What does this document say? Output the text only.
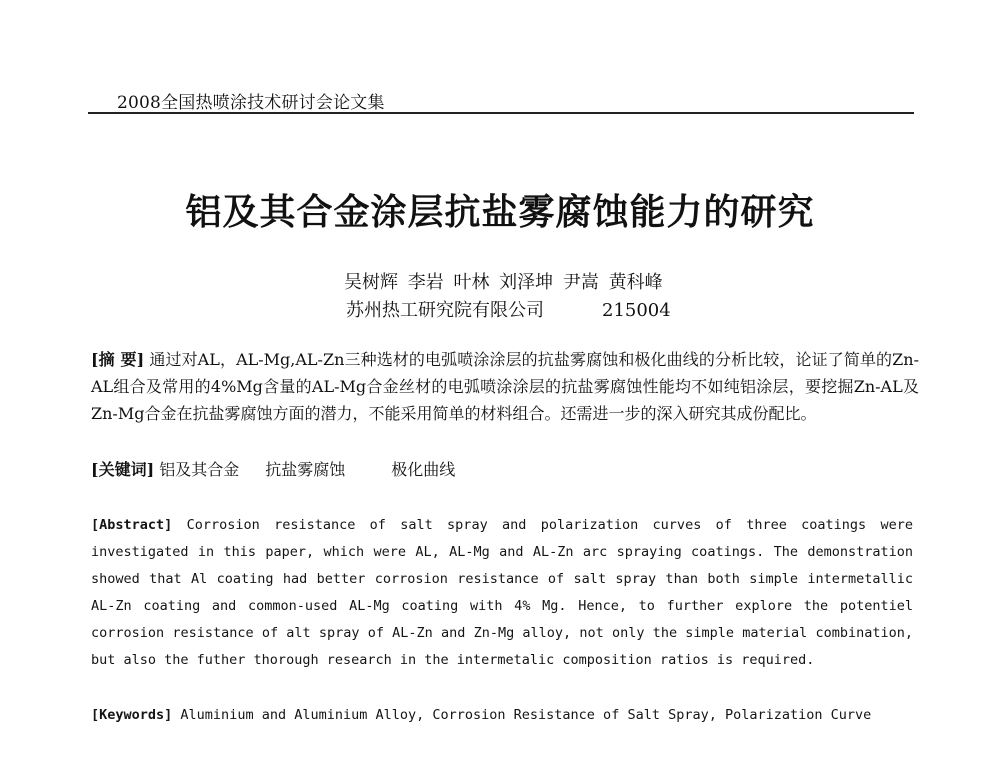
2008全国热喷涂技术研讨会论文集
铝及其合金涂层抗盐雾腐蚀能力的研究
吴树辉 李岩 叶林 刘泽坤 尹嵩 黄科峰
苏州热工研究院有限公司	215004
[摘 要] 通过对AL，AL-Mg,AL-Zn三种选材的电弧喷涂涂层的抗盐雾腐蚀和极化曲线的分析比较，论证了简单的Zn-AL组合及常用的4%Mg含量的AL-Mg合金丝材的电弧喷涂涂层的抗盐雾腐蚀性能均不如纯铝涂层，要挖掘Zn-AL及Zn-Mg合金在抗盐雾腐蚀方面的潜力，不能采用简单的材料组合。还需进一步的深入研究其成份配比。
[关键词] 铝及其合金 抗盐雾腐蚀	极化曲线
[Abstract] Corrosion resistance of salt spray and polarization curves of three coatings were investigated in this paper, which were AL, AL-Mg and AL-Zn arc spraying coatings. The demonstration showed that Al coating had better corrosion resistance of salt spray than both simple intermetallic AL-Zn coating and common-used AL-Mg coating with 4% Mg. Hence, to further explore the potentiel corrosion resistance of alt spray of AL-Zn and Zn-Mg alloy, not only the simple material combination, but also the futher thorough research in the intermetalic composition ratios is required.
[Keywords] Aluminium and Aluminium Alloy, Corrosion Resistance of Salt Spray, Polarization Curve
